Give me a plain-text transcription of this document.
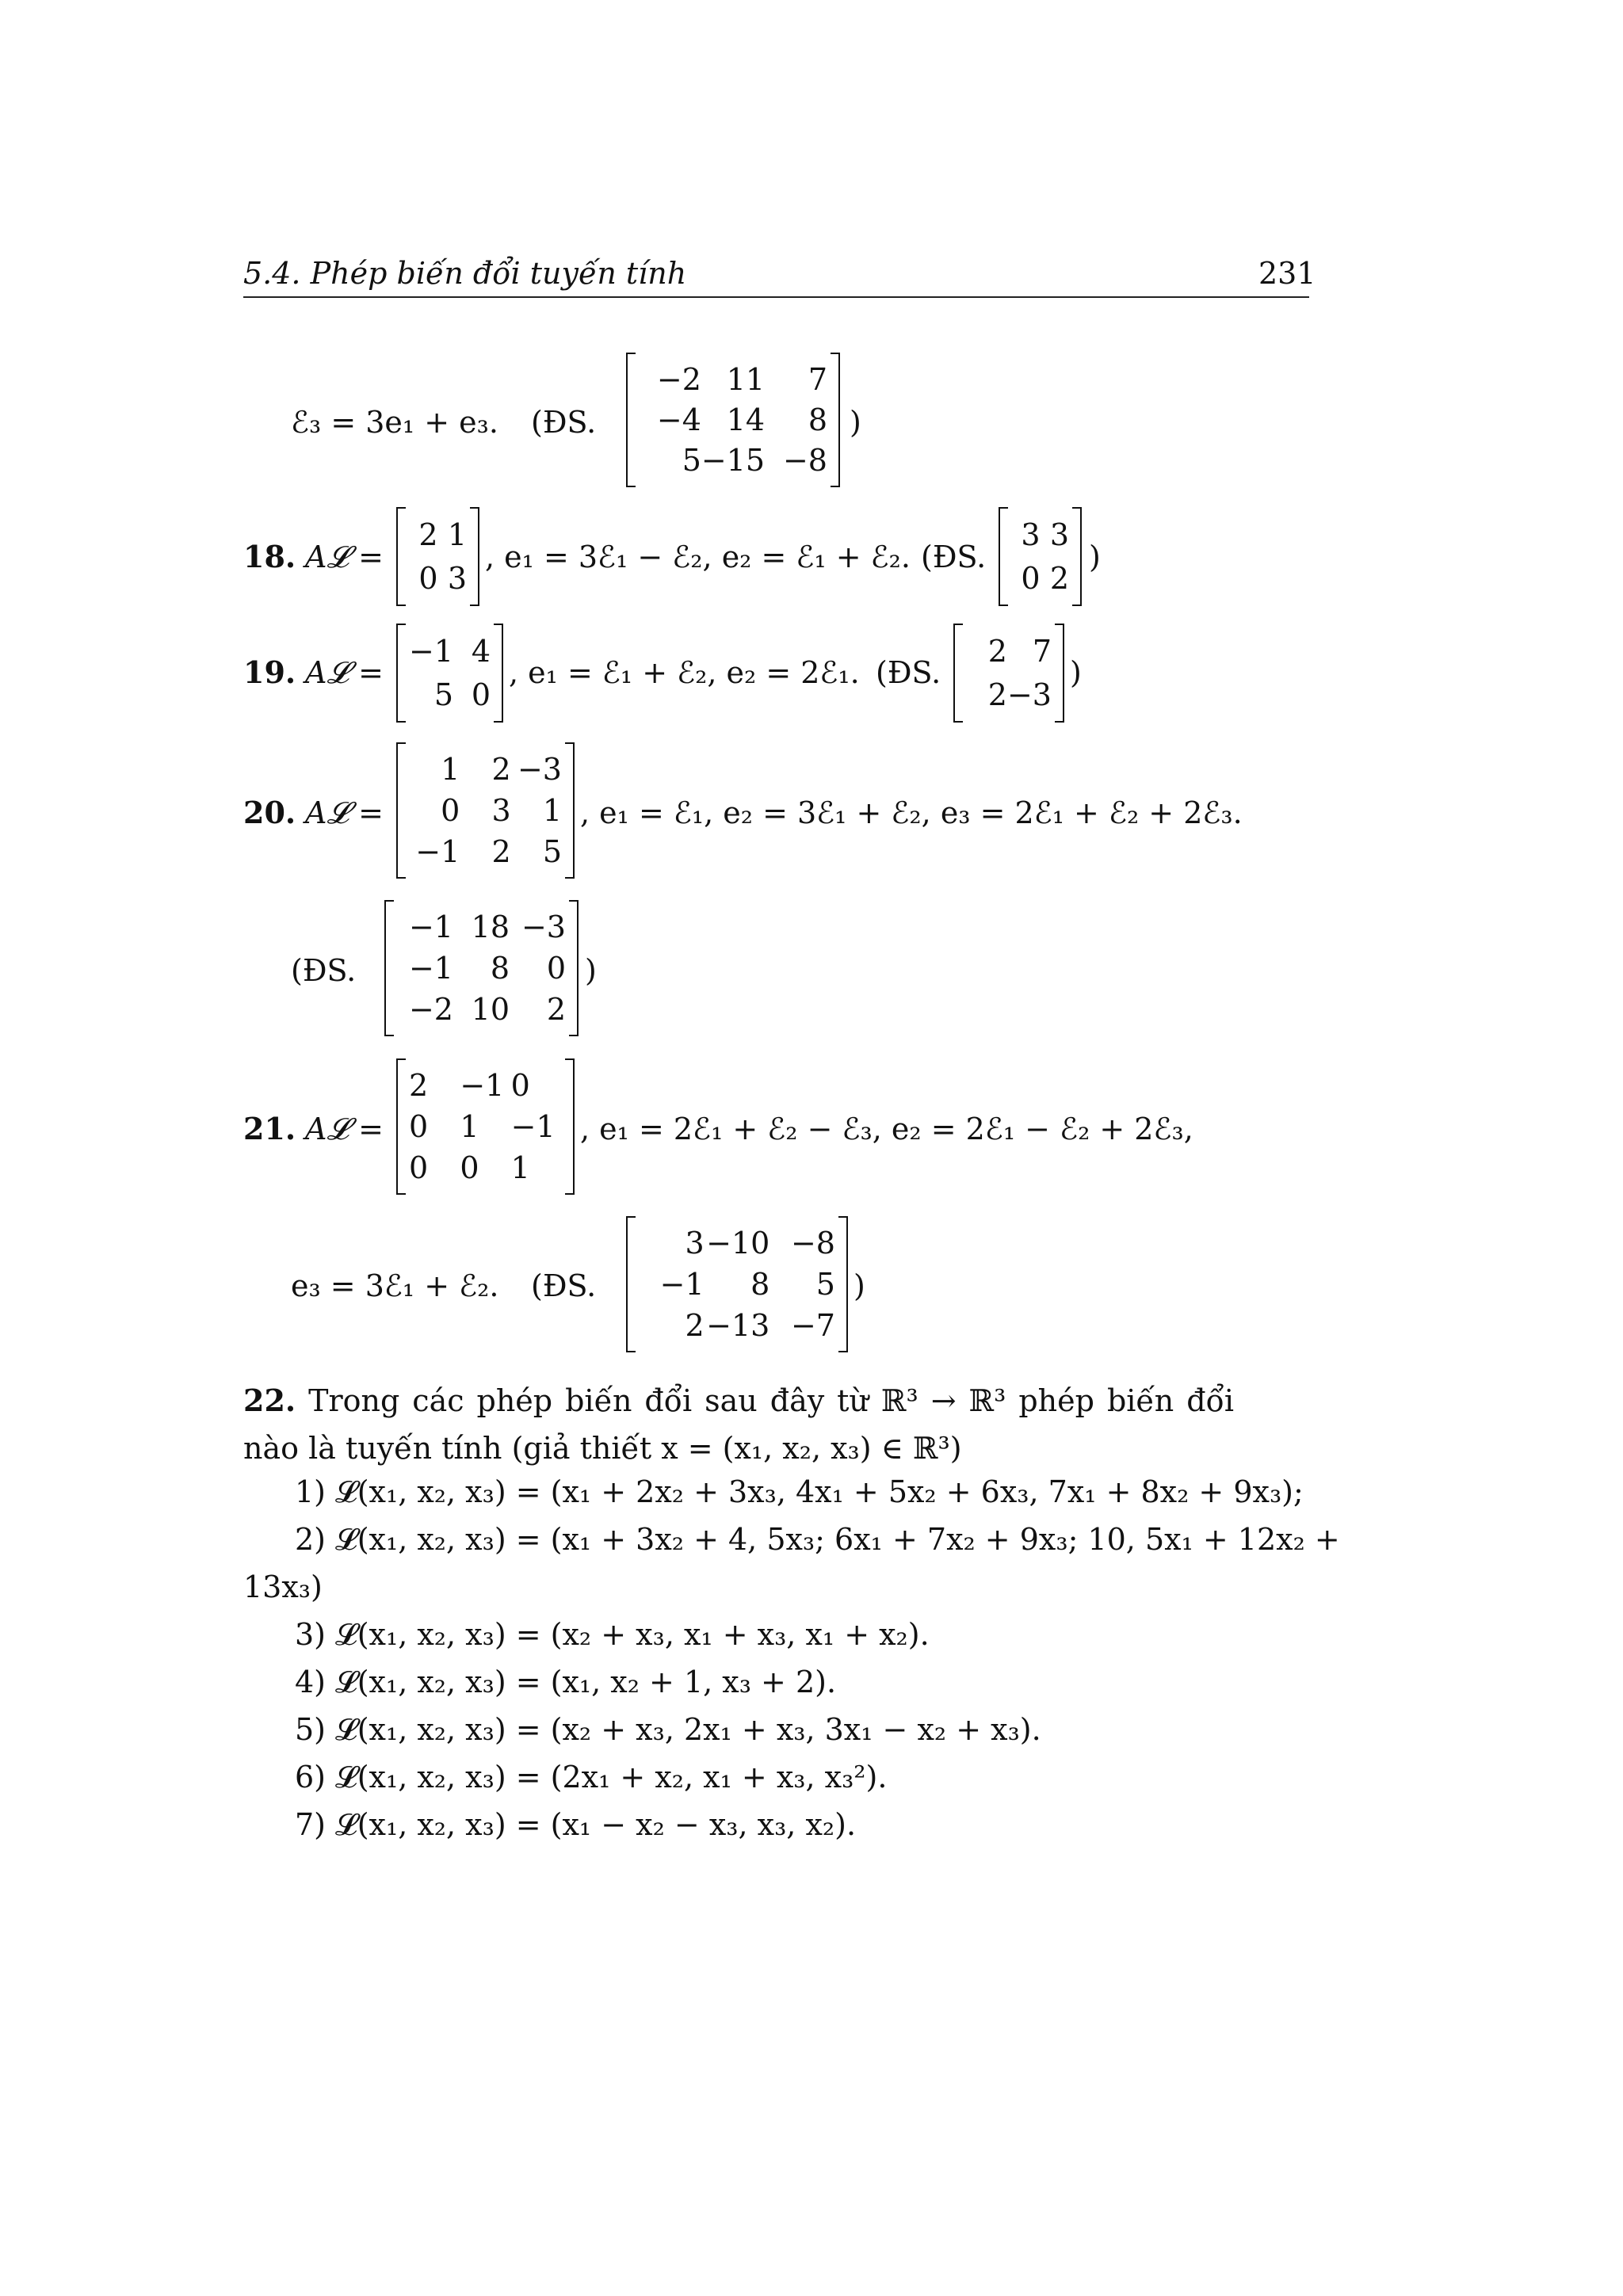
5.4. Phép biến đổi tuyến tính	231
ℰ₃ = 3e₁ + e₃. (ĐS.
−2 11	7
−4 14	8
5 −15 −8
)
18. A𝓛 =
2 1
0 3
, e₁ = 3ℰ₁ − ℰ₂, e₂ = ℰ₁ + ℰ₂. (ĐS.
3 3
0 2
)
19. A𝓛 =
−1 4
5 0
, e₁ = ℰ₁ + ℰ₂, e₂ = 2ℰ₁. (ĐS.
2 7
2 −3
)
20. A𝓛 =
1	2 −3
0	3	1
−1	2	5
, e₁ = ℰ₁, e₂ = 3ℰ₁ + ℰ₂, e₃ = 2ℰ₁ + ℰ₂ + 2ℰ₃.
(ĐS.
−1 18 −3
−1	8	0
−2 10	2
)
21. A𝓛 =
2	−1 0
0	1	−1
0	0	1
, e₁ = 2ℰ₁ + ℰ₂ − ℰ₃, e₂ = 2ℰ₁ − ℰ₂ + 2ℰ₃,
e₃ = 3ℰ₁ + ℰ₂. (ĐS.
3 −10 −8
−1	8	5
2 −13 −7
)
22. Trong các phép biến đổi sau đây từ ℝ³ → ℝ³ phép biến đổi nào là tuyến tính (giả thiết x = (x₁, x₂, x₃) ∈ ℝ³)
1) 𝓛(x₁, x₂, x₃) = (x₁ + 2x₂ + 3x₃, 4x₁ + 5x₂ + 6x₃, 7x₁ + 8x₂ + 9x₃);
2) 𝓛(x₁, x₂, x₃) = (x₁ + 3x₂ + 4, 5x₃; 6x₁ + 7x₂ + 9x₃; 10, 5x₁ + 12x₂ +
13x₃)
3) 𝓛(x₁, x₂, x₃) = (x₂ + x₃, x₁ + x₃, x₁ + x₂).
4) 𝓛(x₁, x₂, x₃) = (x₁, x₂ + 1, x₃ + 2).
5) 𝓛(x₁, x₂, x₃) = (x₂ + x₃, 2x₁ + x₃, 3x₁ − x₂ + x₃).
6) 𝓛(x₁, x₂, x₃) = (2x₁ + x₂, x₁ + x₃, x₃²).
7) 𝓛(x₁, x₂, x₃) = (x₁ − x₂ − x₃, x₃, x₂).
